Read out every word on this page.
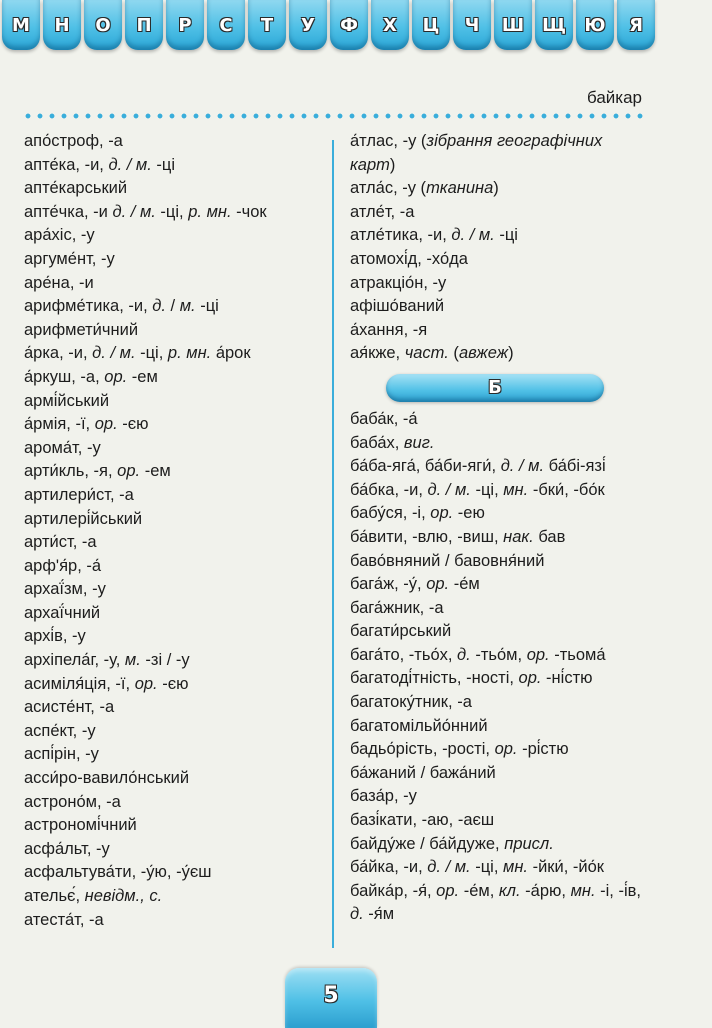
М Н О П Р С Т У Ф Х Ц Ч Ш Щ Ю Я
байкар
апо́строф, -а
апте́ка, -и, д. / м. -ці
апте́карський
апте́чка, -и д. / м. -ці, р. мн. -чок
ара́хіс, -у
аргуме́нт, -у
аре́на, -и
арифме́тика, -и, д. / м. -ці
арифмети́чний
а́рка, -и, д. / м. -ці, р. мн. а́рок
а́ркуш, -а, ор. -ем
армі́йський
а́рмія, -ї, ор. -єю
арома́т, -у
арти́кль, -я, ор. -ем
артилери́ст, -а
артилері́йський
арти́ст, -а
арф'я́р, -а́
архаї́зм, -у
архаї́чний
архі́в, -у
архіпела́г, -у, м. -зі / -у
асиміля́ція, -ї, ор. -єю
асисте́нт, -а
аспе́кт, -у
аспі́рін, -у
асси́ро-вавило́нський
астроно́м, -а
астрономі́чний
асфа́льт, -у
асфальтува́ти, -у́ю, -у́єш
ательє́, невідм., с.
атеста́т, -а
а́тлас, -у (зібрання географічних карт)
атла́с, -у (тканина)
атле́т, -а
атле́тика, -и, д. / м. -ці
атомохі́д, -хо́да
атракціо́н, -у
афішо́ваний
а́хання, -я
ая́кже, част. (авжеж)
Б
баба́к, -а́
баба́х, виг.
ба́ба-яга́, ба́би-яги́, д. / м. ба́бі-язі́
ба́бка, -и, д. / м. -ці, мн. -бки́, -бо́к
бабу́ся, -і, ор. -ею
ба́вити, -влю, -виш, нак. бав
баво́вняний / бавовня́ний
бага́ж, -у́, ор. -е́м
бага́жник, -а
багати́рський
бага́то, -тьо́х, д. -тьо́м, ор. -тьома́
багатоді́тність, -ності, ор. -ні́стю
багатоку́тник, -а
багатомільйо́нний
бадьо́рість, -рості, ор. -рі́стю
ба́жаний / бажа́ний
база́р, -у
базі́кати, -аю, -аєш
байду́же / ба́йдуже, присл.
ба́йка, -и, д. / м. -ці, мн. -йки́, -йо́к
байка́р, -я́, ор. -е́м, кл. -а́рю, мн. -і, -і́в, д. -я́м
5
